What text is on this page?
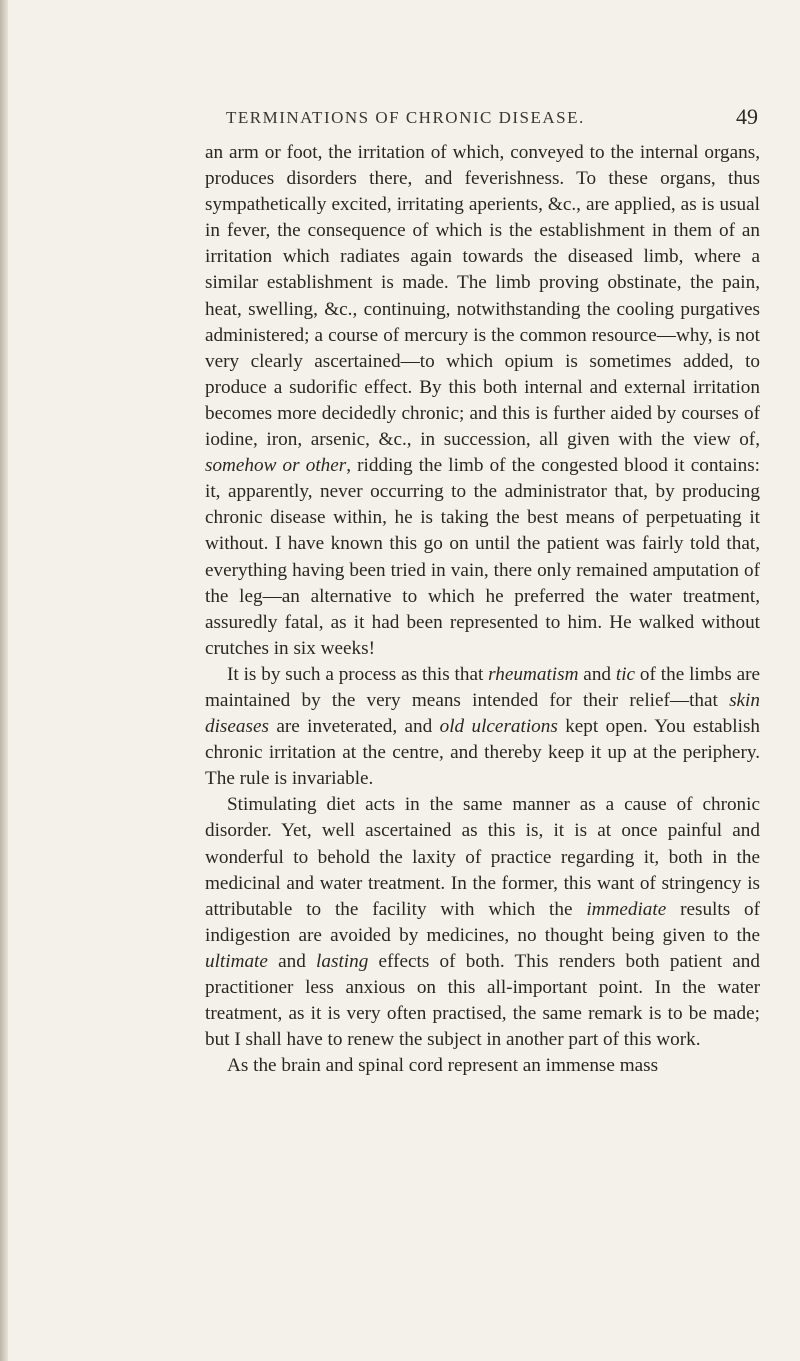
TERMINATIONS OF CHRONIC DISEASE.	49

an arm or foot, the irritation of which, conveyed to the internal organs, produces disorders there, and feverishness. To these organs, thus sympathetically excited, irritating aperients, &c., are applied, as is usual in fever, the consequence of which is the establishment in them of an irritation which radiates again towards the diseased limb, where a similar establishment is made. The limb proving obstinate, the pain, heat, swelling, &c., continuing, notwithstanding the cooling purgatives administered; a course of mercury is the common resource—why, is not very clearly ascertained—to which opium is sometimes added, to produce a sudorific effect. By this both internal and external irritation becomes more decidedly chronic; and this is further aided by courses of iodine, iron, arsenic, &c., in succession, all given with the view of, somehow or other, ridding the limb of the congested blood it contains: it, apparently, never occurring to the administrator that, by producing chronic disease within, he is taking the best means of perpetuating it without. I have known this go on until the patient was fairly told that, everything having been tried in vain, there only remained amputation of the leg—an alternative to which he preferred the water treatment, assuredly fatal, as it had been represented to him. He walked without crutches in six weeks!

It is by such a process as this that rheumatism and tic of the limbs are maintained by the very means intended for their relief—that skin diseases are inveterated, and old ulcerations kept open. You establish chronic irritation at the centre, and thereby keep it up at the periphery. The rule is invariable.

Stimulating diet acts in the same manner as a cause of chronic disorder. Yet, well ascertained as this is, it is at once painful and wonderful to behold the laxity of practice regarding it, both in the medicinal and water treatment. In the former, this want of stringency is attributable to the facility with which the immediate results of indigestion are avoided by medicines, no thought being given to the ultimate and lasting effects of both. This renders both patient and practitioner less anxious on this all-important point. In the water treatment, as it is very often practised, the same remark is to be made; but I shall have to renew the subject in another part of this work.

As the brain and spinal cord represent an immense mass
